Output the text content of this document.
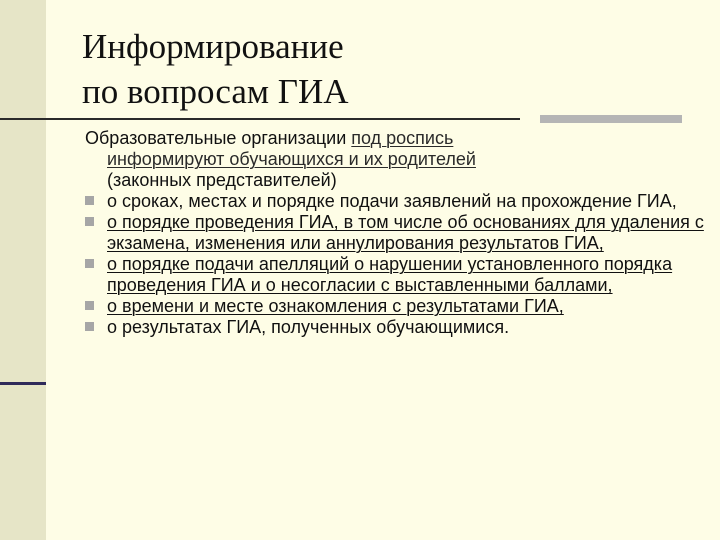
Информирование
по вопросам ГИА

Образовательные организации под роспись
информируют обучающихся и их родителей
(законных представителей)

о сроках, местах и порядке подачи заявлений на прохождение ГИА,
о порядке проведения ГИА, в том числе об основаниях для удаления с экзамена, изменения или аннулирования результатов ГИА,
о порядке подачи апелляций о нарушении установленного порядка проведения ГИА и о несогласии с выставленными баллами,
о времени и месте ознакомления с результатами ГИА,
о результатах ГИА, полученных обучающимися.
